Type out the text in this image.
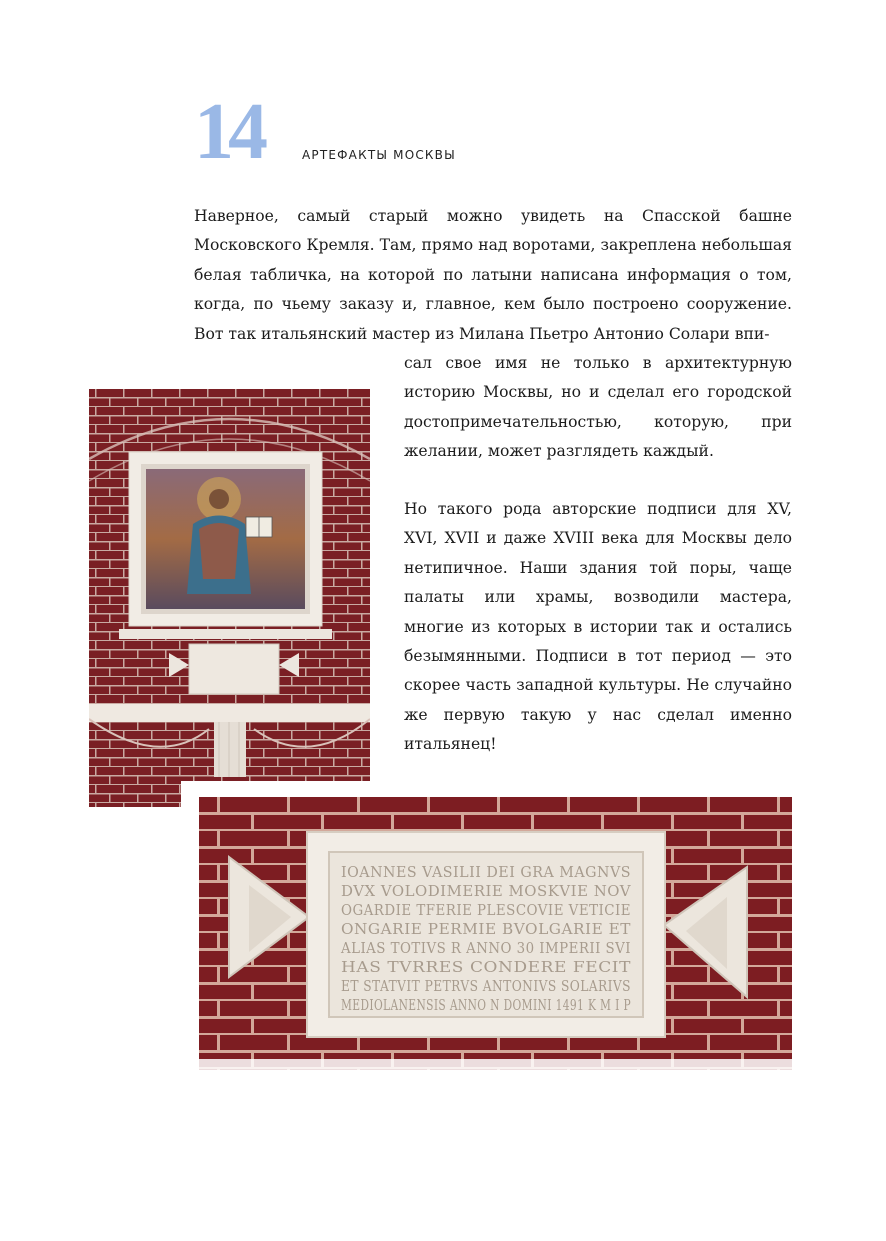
14	АРТЕФАКТЫ МОСКВЫ

Наверное, самый старый можно увидеть на Спасской башне Московского Кремля. Там, прямо над воротами, закреплена небольшая белая табличка, на которой по латыни написана информация о том, когда, по чьему заказу и, главное, кем было построено сооружение. Вот так итальянский мастер из Милана Пьетро Антонио Солари впи-

сал свое имя не только в архитектурную историю Москвы, но и сделал его городской достопримечательностью, которую, при желании, может разглядеть каждый.

Но такого рода авторские подписи для XV, XVI, XVII и даже XVIII века для Москвы дело нетипичное. Наши здания той поры, чаще палаты или храмы, возводили мастера, многие из которых в истории так и остались безымянными. Подписи в тот период — это скорее часть западной культуры. Не случайно же первую такую у нас сделал именно итальянец!

IOANNES VASILII DEI GRA MAGNVS
DVX VOLODIMERIE MOSKVIE NOV
OGARDIE TFERIE PLESCOVIE VETICIE
ONGARIE PERMIE BVOLGARIE ET
ALIAS TOTIVS R ANNO 30 IMPERII SVI
HAS TVRRES CONDERE FECIT
ET STATVIT PETRVS ANTONIVS SOLARIVS
MEDIOLANENSIS ANNO N DOMINI 1491 K M I P
